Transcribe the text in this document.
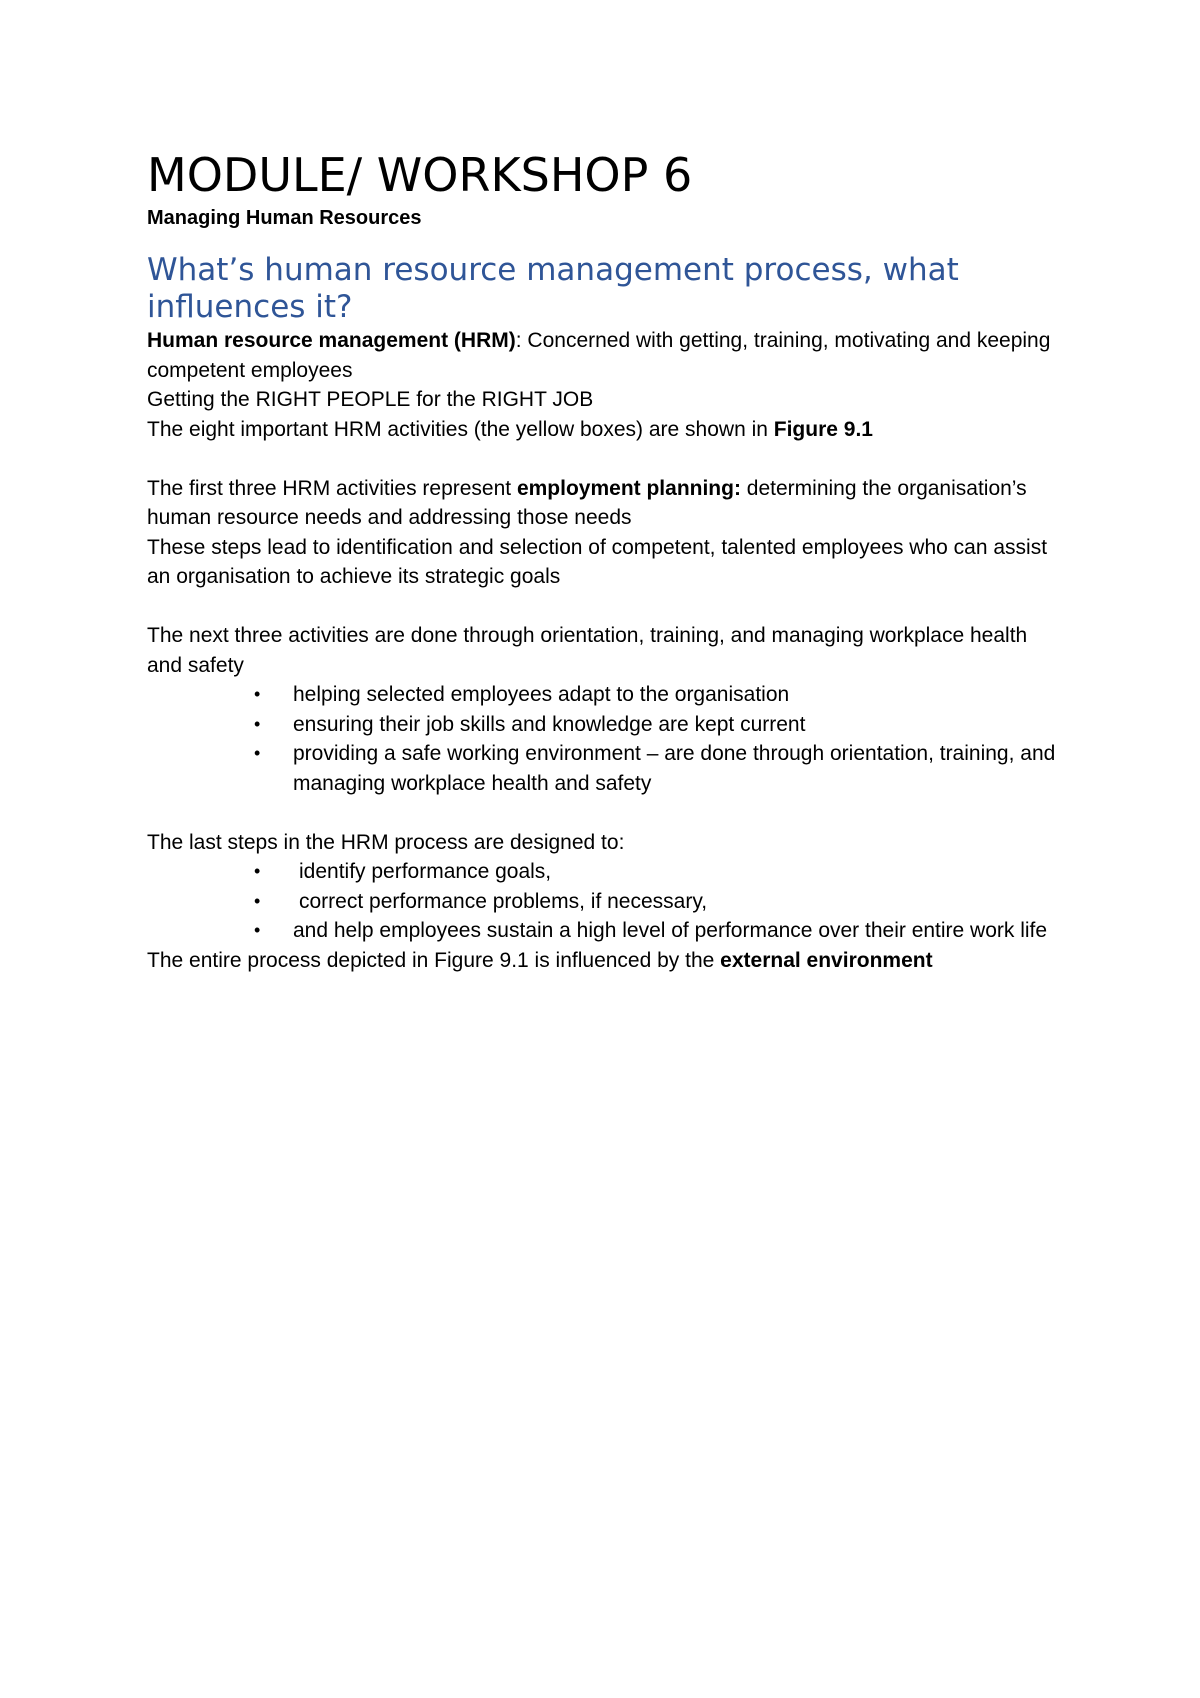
MODULE/ WORKSHOP 6

Managing Human Resources

What’s human resource management process, what influences it?

Human resource management (HRM): Concerned with getting, training, motivating and keeping competent employees

Getting the RIGHT PEOPLE for the RIGHT JOB

The eight important HRM activities (the yellow boxes) are shown in Figure 9.1

The first three HRM activities represent employment planning: determining the organisation’s human resource needs and addressing those needs

These steps lead to identification and selection of competent, talented employees who can assist an organisation to achieve its strategic goals

The next three activities are done through orientation, training, and managing workplace health and safety

• helping selected employees adapt to the organisation
• ensuring their job skills and knowledge are kept current
• providing a safe working environment – are done through orientation, training, and managing workplace health and safety

The last steps in the HRM process are designed to:

• identify performance goals,
• correct performance problems, if necessary,
• and help employees sustain a high level of performance over their entire work life

The entire process depicted in Figure 9.1 is influenced by the external environment
